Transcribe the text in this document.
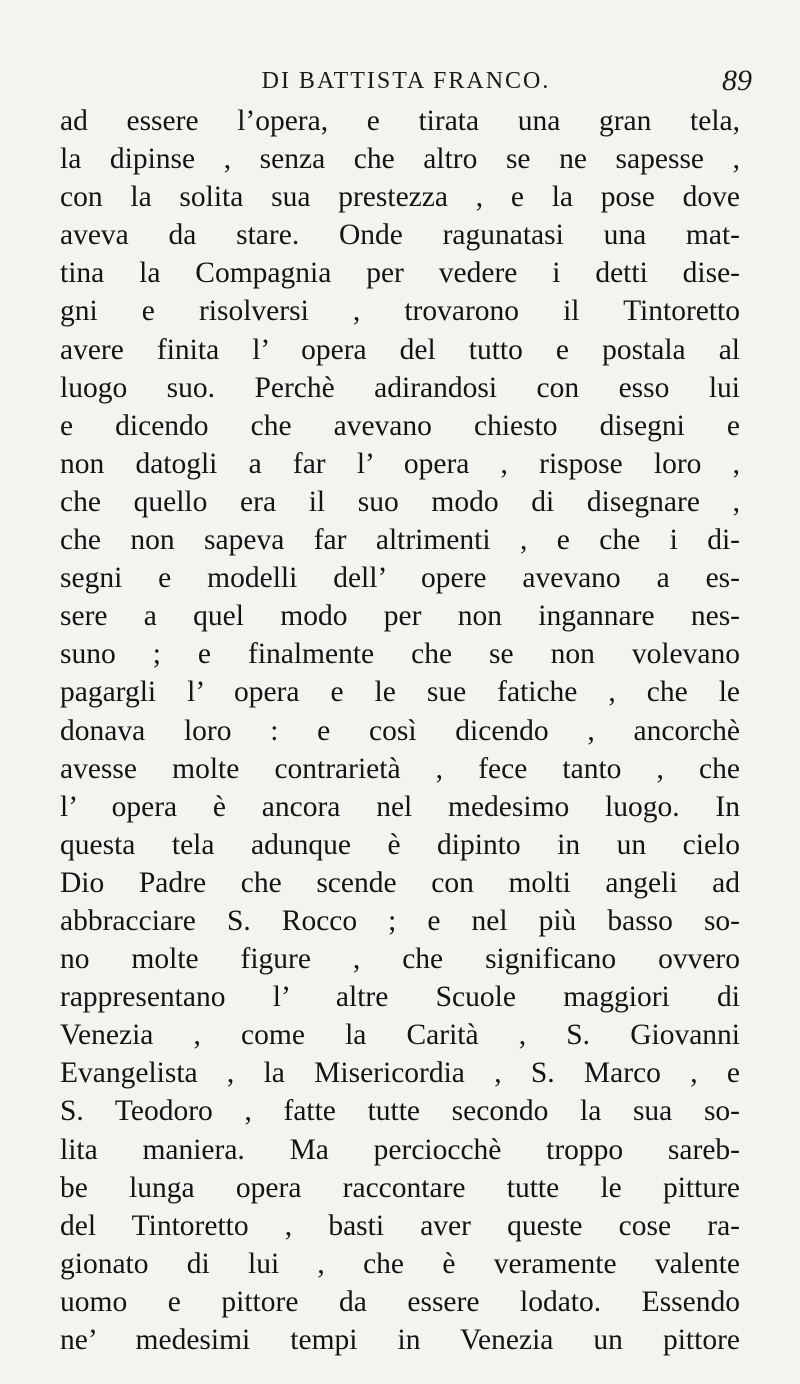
DI BATTISTA FRANCO.	89
ad essere l’opera, e tirata una gran tela,
la dipinse , senza che altro se ne sapesse ,
con la solita sua prestezza , e la pose dove
aveva da stare. Onde ragunatasi una mat-
tina la Compagnia per vedere i detti dise-
gni e risolversi , trovarono il Tintoretto
avere finita l’ opera del tutto e postala al
luogo suo. Perchè adirandosi con esso lui
e dicendo che avevano chiesto disegni e
non datogli a far l’ opera , rispose loro ,
che quello era il suo modo di disegnare ,
che non sapeva far altrimenti , e che i di-
segni e modelli dell’ opere avevano a es-
sere a quel modo per non ingannare nes-
suno ; e finalmente che se non volevano
pagargli l’ opera e le sue fatiche , che le
donava loro : e così dicendo , ancorchè
avesse molte contrarietà , fece tanto , che
l’ opera è ancora nel medesimo luogo. In
questa tela adunque è dipinto in un cielo
Dio Padre che scende con molti angeli ad
abbracciare S. Rocco ; e nel più basso so-
no molte figure , che significano ovvero
rappresentano l’ altre Scuole maggiori di
Venezia , come la Carità , S. Giovanni
Evangelista , la Misericordia , S. Marco , e
S. Teodoro , fatte tutte secondo la sua so-
lita maniera. Ma perciocchè troppo sareb-
be lunga opera raccontare tutte le pitture
del Tintoretto , basti aver queste cose ra-
gionato di lui , che è veramente valente
uomo e pittore da essere lodato. Essendo
ne’ medesimi tempi in Venezia un pittore
